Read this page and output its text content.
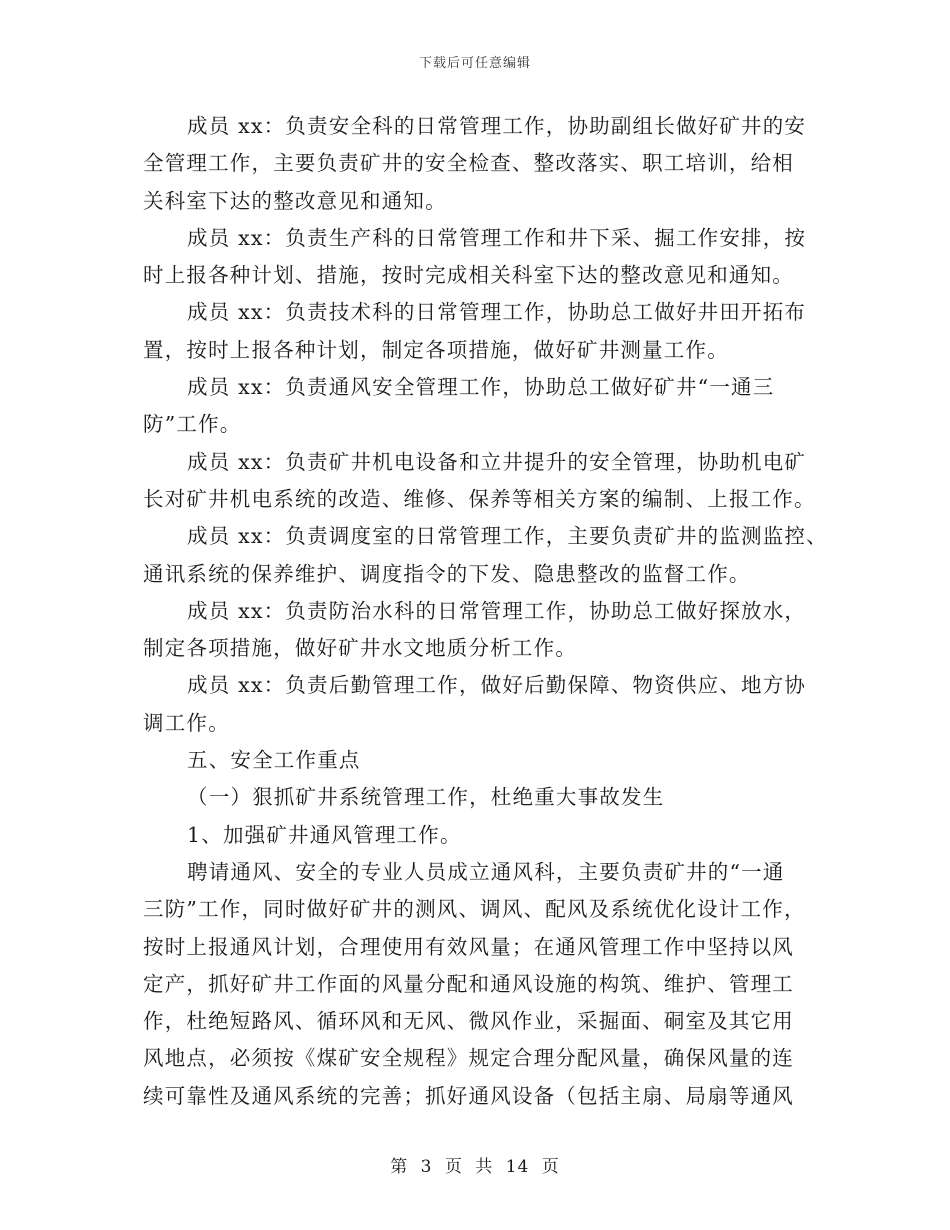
下载后可任意编辑
成员 xx：负责安全科的日常管理工作，协助副组长做好矿井的安
全管理工作，主要负责矿井的安全检查、整改落实、职工培训，给相
关科室下达的整改意见和通知。
成员 xx：负责生产科的日常管理工作和井下采、掘工作安排，按
时上报各种计划、措施，按时完成相关科室下达的整改意见和通知。
成员 xx：负责技术科的日常管理工作，协助总工做好井田开拓布
置，按时上报各种计划，制定各项措施，做好矿井测量工作。
成员 xx：负责通风安全管理工作，协助总工做好矿井“一通三
防”工作。
成员 xx：负责矿井机电设备和立井提升的安全管理，协助机电矿
长对矿井机电系统的改造、维修、保养等相关方案的编制、上报工作。
成员 xx：负责调度室的日常管理工作，主要负责矿井的监测监控、
通讯系统的保养维护、调度指令的下发、隐患整改的监督工作。
成员 xx：负责防治水科的日常管理工作，协助总工做好探放水，
制定各项措施，做好矿井水文地质分析工作。
成员 xx：负责后勤管理工作，做好后勤保障、物资供应、地方协
调工作。
五、安全工作重点
（一）狠抓矿井系统管理工作，杜绝重大事故发生
1、加强矿井通风管理工作。
聘请通风、安全的专业人员成立通风科，主要负责矿井的“一通
三防”工作，同时做好矿井的测风、调风、配风及系统优化设计工作，
按时上报通风计划，合理使用有效风量；在通风管理工作中坚持以风
定产，抓好矿井工作面的风量分配和通风设施的构筑、维护、管理工
作，杜绝短路风、循环风和无风、微风作业，采掘面、硐室及其它用
风地点，必须按《煤矿安全规程》规定合理分配风量，确保风量的连
续可靠性及通风系统的完善；抓好通风设备（包括主扇、局扇等通风
第 3 页 共 14 页
